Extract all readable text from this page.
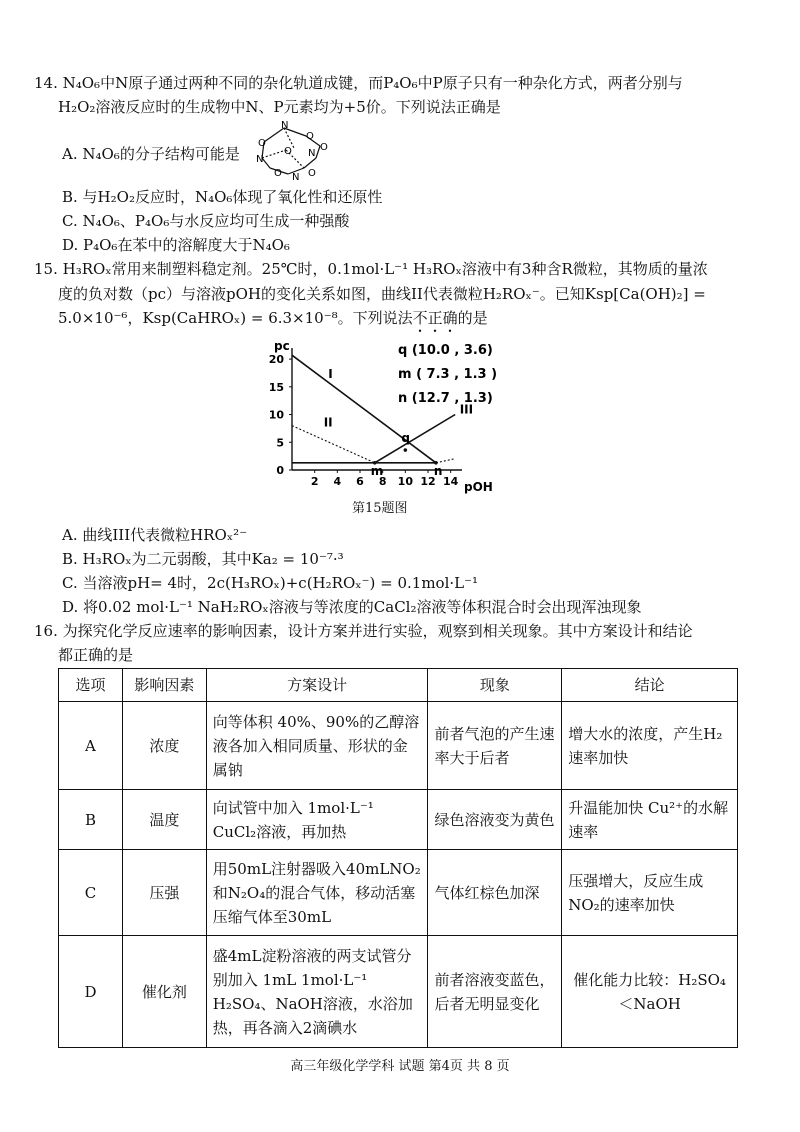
14. N₄O₆中N原子通过两种不同的杂化轨道成键，而P₄O₆中P原子只有一种杂化方式，两者分别与
H₂O₂溶液反应时的生成物中N、P元素均为+5价。下列说法正确是
A. N₄O₆的分子结构可能是
N
O
O
O
O N
N
O N O
B. 与H₂O₂反应时，N₄O₆体现了氧化性和还原性
C. N₄O₆、P₄O₆与水反应均可生成一种强酸
D. P₄O₆在苯中的溶解度大于N₄O₆
15. H₃ROₓ常用来制塑料稳定剂。25℃时，0.1mol·L⁻¹ H₃ROₓ溶液中有3种含R微粒，其物质的量浓
度的负对数（pc）与溶液pOH的变化关系如图，曲线II代表微粒H₂ROₓ⁻。已知Ksp[Ca(OH)₂] =
5.0×10⁻⁶，Ksp(CaHROₓ) = 6.3×10⁻⁸。下列说法不正确的是
pc
pOH
2 4 6 8 10 12 14
0
5
10
15
20
q
q (10.0 , 3.6)
m
m ( 7.3 , 1.3 )
n
n (12.7 , 1.3)
I
II
III
第15题图
A. 曲线III代表微粒HROₓ²⁻
B. H₃ROₓ为二元弱酸，其中Ka₂ = 10⁻⁷·³
C. 当溶液pH= 4时，2c(H₃ROₓ)+c(H₂ROₓ⁻) = 0.1mol·L⁻¹
D. 将0.02 mol·L⁻¹ NaH₂ROₓ溶液与等浓度的CaCl₂溶液等体积混合时会出现浑浊现象
16. 为探究化学反应速率的影响因素，设计方案并进行实验，观察到相关现象。其中方案设计和结论
都正确的是
选项	影响因素	方案设计	现象	结论
A	浓度	向等体积 40%、90%的乙醇溶液各加入相同质量、形状的金属钠	前者气泡的产生速率大于后者	增大水的浓度，产生H₂速率加快
B	温度	向试管中加入 1mol·L⁻¹ CuCl₂溶液，再加热	绿色溶液变为黄色	升温能加快 Cu²⁺的水解速率
C	压强	用50mL注射器吸入40mLNO₂和N₂O₄的混合气体，移动活塞压缩气体至30mL	气体红棕色加深	压强增大，反应生成NO₂的速率加快
D	催化剂	盛4mL淀粉溶液的两支试管分别加入 1mL 1mol·L⁻¹ H₂SO₄、NaOH溶液，水浴加热，再各滴入2滴碘水	前者溶液变蓝色，后者无明显变化	催化能力比较：H₂SO₄＜NaOH
高三年级化学学科 试题 第4页 共 8 页
